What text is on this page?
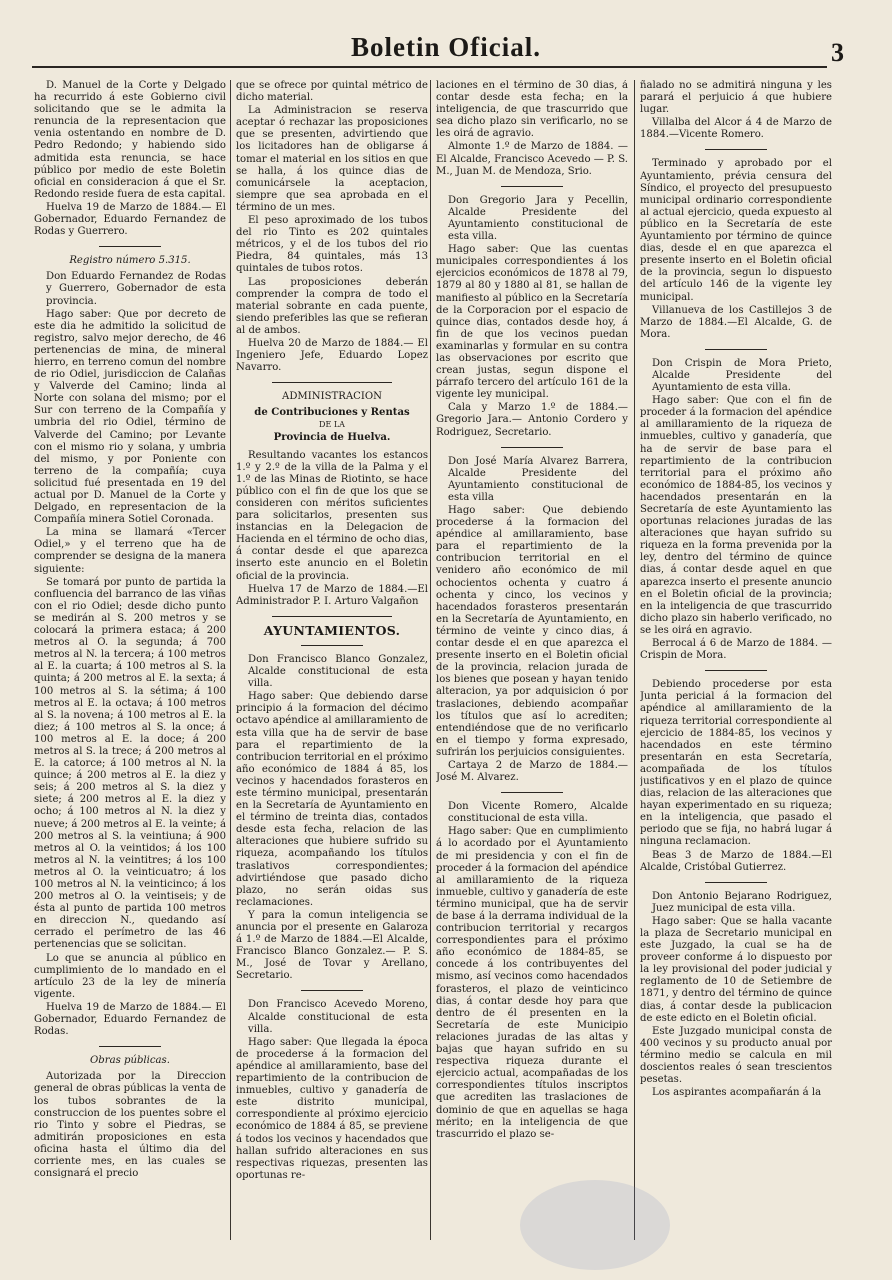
Boletin Oficial.	3

D. Manuel de la Corte y Delgado ha recurrido á este Gobierno civil solicitando que se le admita la renuncia de la representacion que venia ostentando en nombre de D. Pedro Redondo; y habiendo sido admitida esta renuncia, se hace público por medio de este Boletin oficial en consideracion á que el Sr. Redondo reside fuera de esta capital.

Huelva 19 de Marzo de 1884.— El Gobernador, Eduardo Fernandez de Rodas y Guerrero.

Registro número 5.315.

Don Eduardo Fernandez de Rodas y Guerrero, Gobernador de esta provincia.

Hago saber: Que por decreto de este dia he admitido la solicitud de registro, salvo mejor derecho, de 46 pertenencias de mina, de mineral hierro, en terreno comun del nombre de rio Odiel, jurisdiccion de Calañas y Valverde del Camino; linda al Norte con solana del mismo; por el Sur con terreno de la Compañía y umbria del rio Odiel, término de Valverde del Camino; por Levante con el mismo rio y solana, y umbria del mismo, y por Poniente con terreno de la compañía; cuya solicitud fué presentada en 19 del actual por D. Manuel de la Corte y Delgado, en representacion de la Compañía minera Sotiel Coronada.

La mina se llamará «Tercer Odiel,» y el terreno que ha de comprender se designa de la manera siguiente:

Se tomará por punto de partida la confluencia del barranco de las viñas con el rio Odiel; desde dicho punto se medirán al S. 200 metros y se colocará la primera estaca; á 200 metros al O. la segunda; á 700 metros al N. la tercera; á 100 metros al E. la cuarta; á 100 metros al S. la quinta; á 200 metros al E. la sexta; á 100 metros al S. la sétima; á 100 metros al E. la octava; á 100 metros al S. la novena; á 100 metros al E. la diez; á 100 metros al S. la once; á 100 metros al E. la doce; á 200 metros al S. la trece; á 200 metros al E. la catorce; á 100 metros al N. la quince; á 200 metros al E. la diez y seis; á 200 metros al S. la diez y siete; á 200 metros al E. la diez y ocho; á 100 metros al N. la diez y nueve; á 200 metros al E. la veinte; á 200 metros al S. la veintiuna; á 900 metros al O. la veintidos; á los 100 metros al N. la veintitres; á los 100 metros al O. la veinticuatro; á los 100 metros al N. la veinticinco; á los 200 metros al O. la veintiseis; y de ésta al punto de partida 100 metros en direccion N., quedando así cerrado el perímetro de las 46 pertenencias que se solicitan.

Lo que se anuncia al público en cumplimiento de lo mandado en el artículo 23 de la ley de minería vigente.

Huelva 19 de Marzo de 1884.— El Gobernador, Eduardo Fernandez de Rodas.

Obras públicas.

Autorizada por la Direccion general de obras públicas la venta de los tubos sobrantes de la construccion de los puentes sobre el rio Tinto y sobre el Piedras, se admitirán proposiciones en esta oficina hasta el último dia del corriente mes, en las cuales se consignará el precio

que se ofrece por quintal métrico de dicho material.

La Administracion se reserva aceptar ó rechazar las proposiciones que se presenten, advirtiendo que los licitadores han de obligarse á tomar el material en los sitios en que se halla, á los quince dias de comunicársele la aceptacion, siempre que sea aprobada en el término de un mes.

El peso aproximado de los tubos del rio Tinto es 202 quintales métricos, y el de los tubos del rio Piedra, 84 quintales, más 13 quintales de tubos rotos.

Las proposiciones deberán comprender la compra de todo el material sobrante en cada puente, siendo preferibles las que se refieran al de ambos.

Huelva 20 de Marzo de 1884.— El Ingeniero Jefe, Eduardo Lopez Navarro.

ADMINISTRACION

de Contribuciones y Rentas

DE LA

Provincia de Huelva.

Resultando vacantes los estancos 1.º y 2.º de la villa de la Palma y el 1.º de las Minas de Riotinto, se hace público con el fin de que los que se consideren con méritos suficientes para solicitarlos, presenten sus instancias en la Delegacion de Hacienda en el término de ocho dias, á contar desde el que aparezca inserto este anuncio en el Boletin oficial de la provincia.

Huelva 17 de Marzo de 1884.—El Administrador P. I. Arturo Valgañon

AYUNTAMIENTOS.

Don Francisco Blanco Gonzalez, Alcalde constitucional de esta villa.

Hago saber: Que debiendo darse principio á la formacion del décimo octavo apéndice al amillaramiento de esta villa que ha de servir de base para el repartimiento de la contribucion territorial en el próximo año económico de 1884 á 85, los vecinos y hacendados forasteros en este término municipal, presentarán en la Secretaría de Ayuntamiento en el término de treinta dias, contados desde esta fecha, relacion de las alteraciones que hubiere sufrido su riqueza, acompañando los títulos traslativos correspondientes; advirtiéndose que pasado dicho plazo, no serán oidas sus reclamaciones.

Y para la comun inteligencia se anuncia por el presente en Galaroza á 1.º de Marzo de 1884.—El Alcalde, Francisco Blanco Gonzalez.— P. S. M., José de Tovar y Arellano, Secretario.

Don Francisco Acevedo Moreno, Alcalde constitucional de esta villa.

Hago saber: Que llegada la época de procederse á la formacion del apéndice al amillaramiento, base del repartimiento de la contribucion de inmuebles, cultivo y ganadería de este distrito municipal, correspondiente al próximo ejercicio económico de 1884 á 85, se previene á todos los vecinos y hacendados que hallan sufrido alteraciones en sus respectivas riquezas, presenten las oportunas re-

laciones en el término de 30 dias, á contar desde esta fecha; en la inteligencia, de que trascurrido que sea dicho plazo sin verificarlo, no se les oirá de agravio.

Almonte 1.º de Marzo de 1884. —El Alcalde, Francisco Acevedo — P. S. M., Juan M. de Mendoza, Srio.

Don Gregorio Jara y Pecellin, Alcalde Presidente del Ayuntamiento constitucional de esta villa.

Hago saber: Que las cuentas municipales correspondientes á los ejercicios económicos de 1878 al 79, 1879 al 80 y 1880 al 81, se hallan de manifiesto al público en la Secretaría de la Corporacion por el espacio de quince dias, contados desde hoy, á fin de que los vecinos puedan examinarlas y formular en su contra las observaciones por escrito que crean justas, segun dispone el párrafo tercero del artículo 161 de la vigente ley municipal.

Cala y Marzo 1.º de 1884.—Gregorio Jara.— Antonio Cordero y Rodriguez, Secretario.

Don José María Alvarez Barrera, Alcalde Presidente del Ayuntamiento constitucional de esta villa

Hago saber: Que debiendo procederse á la formacion del apéndice al amillaramiento, base para el repartimiento de la contribucion territorial en el venidero año económico de mil ochocientos ochenta y cuatro á ochenta y cinco, los vecinos y hacendados forasteros presentarán en la Secretaría de Ayuntamiento, en término de veinte y cinco dias, á contar desde el en que aparezca el presente inserto en el Boletin oficial de la provincia, relacion jurada de los bienes que posean y hayan tenido alteracion, ya por adquisicion ó por traslaciones, debiendo acompañar los títulos que así lo acrediten; entendiéndose que de no verificarlo en el tiempo y forma expresado, sufrirán los perjuicios consiguientes.

Cartaya 2 de Marzo de 1884.— José M. Alvarez.

Don Vicente Romero, Alcalde constitucional de esta villa.

Hago saber: Que en cumplimiento á lo acordado por el Ayuntamiento de mi presidencia y con el fin de proceder á la formacion del apéndice al amillaramiento de la riqueza inmueble, cultivo y ganadería de este término municipal, que ha de servir de base á la derrama individual de la contribucion territorial y recargos correspondientes para el próximo año económico de 1884-85, se concede á los contribuyentes del mismo, así vecinos como hacendados forasteros, el plazo de veinticinco dias, á contar desde hoy para que dentro de él presenten en la Secretaría de este Municipio relaciones juradas de las altas y bajas que hayan sufrido en su respectiva riqueza durante el ejercicio actual, acompañadas de los correspondientes títulos inscriptos que acrediten las traslaciones de dominio de que en aquellas se haga mérito; en la inteligencia de que trascurrido el plazo se-

ñalado no se admitirá ninguna y les parará el perjuicio á que hubiere lugar.

Villalba del Alcor á 4 de Marzo de 1884.—Vicente Romero.

Terminado y aprobado por el Ayuntamiento, prévia censura del Síndico, el proyecto del presupuesto municipal ordinario correspondiente al actual ejercicio, queda expuesto al público en la Secretaría de este Ayuntamiento por término de quince dias, desde el en que aparezca el presente inserto en el Boletin oficial de la provincia, segun lo dispuesto del artículo 146 de la vigente ley municipal.

Villanueva de los Castillejos 3 de Marzo de 1884.—El Alcalde, G. de Mora.

Don Crispin de Mora Prieto, Alcalde Presidente del Ayuntamiento de esta villa.

Hago saber: Que con el fin de proceder á la formacion del apéndice al amillaramiento de la riqueza de inmuebles, cultivo y ganadería, que ha de servir de base para el repartimiento de la contribucion territorial para el próximo año económico de 1884-85, los vecinos y hacendados presentarán en la Secretaría de este Ayuntamiento las oportunas relaciones juradas de las alteraciones que hayan sufrido su riqueza en la forma prevenida por la ley, dentro del término de quince dias, á contar desde aquel en que aparezca inserto el presente anuncio en el Boletin oficial de la provincia; en la inteligencia de que trascurrido dicho plazo sin haberlo verificado, no se les oirá en agravio.

Berrocal á 6 de Marzo de 1884. —Crispin de Mora.

Debiendo procederse por esta Junta pericial á la formacion del apéndice al amillaramiento de la riqueza territorial correspondiente al ejercicio de 1884-85, los vecinos y hacendados en este término presentarán en esta Secretaría, acompañada de los títulos justificativos y en el plazo de quince dias, relacion de las alteraciones que hayan experimentado en su riqueza; en la inteligencia, que pasado el periodo que se fija, no habrá lugar á ninguna reclamacion.

Beas 3 de Marzo de 1884.—El Alcalde, Cristóbal Gutierrez.

Don Antonio Bejarano Rodriguez, Juez municipal de esta villa.

Hago saber: Que se halla vacante la plaza de Secretario municipal en este Juzgado, la cual se ha de proveer conforme á lo dispuesto por la ley provisional del poder judicial y reglamento de 10 de Setiembre de 1871, y dentro del término de quince dias, á contar desde la publicacion de este edicto en el Boletin oficial.

Este Juzgado municipal consta de 400 vecinos y su producto anual por término medio se calcula en mil doscientos reales ó sean trescientos pesetas.

Los aspirantes acompañarán á la
